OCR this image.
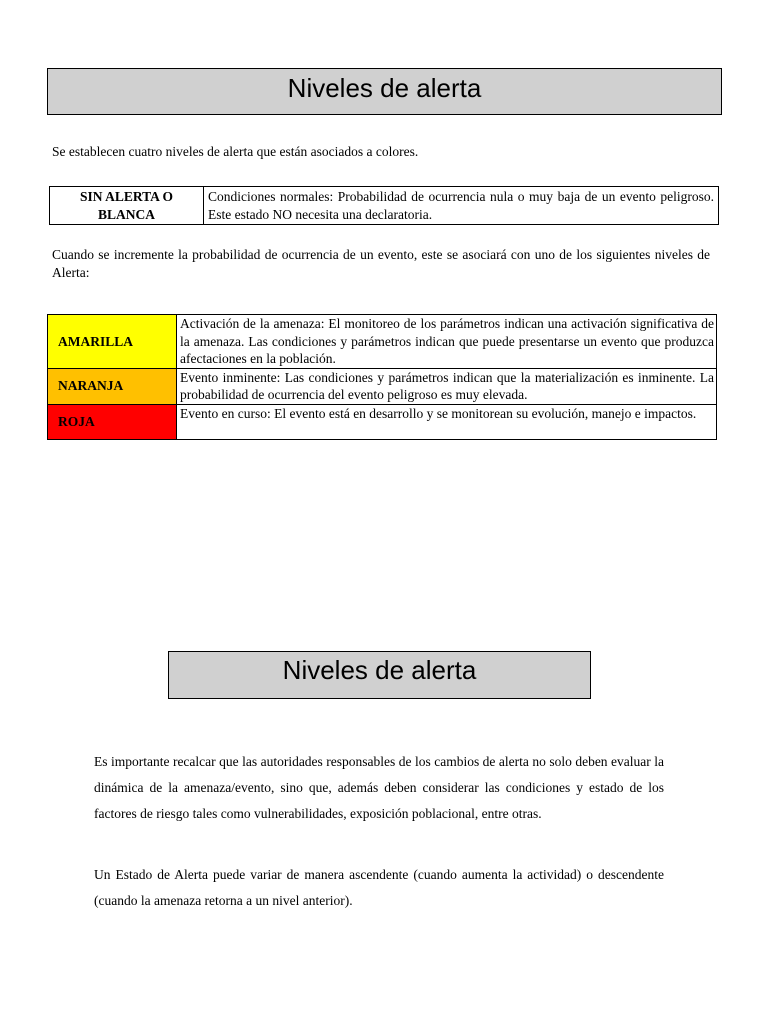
Niveles de alerta
Se establecen cuatro niveles de alerta que están asociados a colores.
SIN ALERTA O BLANCA	Condiciones normales: Probabilidad de ocurrencia nula o muy baja de un evento peligroso. Este estado NO necesita una declaratoria.
Cuando se incremente la probabilidad de ocurrencia de un evento, este se asociará con uno de los siguientes niveles de Alerta:
AMARILLA	Activación de la amenaza: El monitoreo de los parámetros indican una activación significativa de la amenaza. Las condiciones y parámetros indican que puede presentarse un evento que produzca afectaciones en la población.
NARANJA	Evento inminente: Las condiciones y parámetros indican que la materialización es inminente. La probabilidad de ocurrencia del evento peligroso es muy elevada.
ROJA	Evento en curso: El evento está en desarrollo y se monitorean su evolución, manejo e impactos.
Niveles de alerta
Es importante recalcar que las autoridades responsables de los cambios de alerta no solo deben evaluar la dinámica de la amenaza/evento, sino que, además deben considerar las condiciones y estado de los factores de riesgo tales como vulnerabilidades, exposición poblacional, entre otras.
Un Estado de Alerta puede variar de manera ascendente (cuando aumenta la actividad) o descendente (cuando la amenaza retorna a un nivel anterior).
